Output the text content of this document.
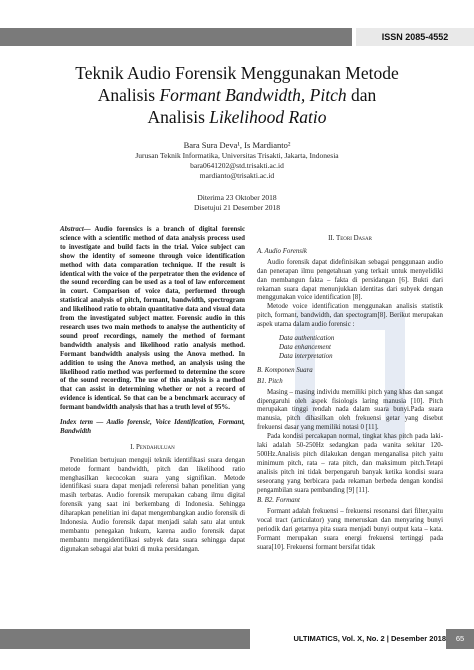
ISSN 2085-4552
Teknik Audio Forensik Menggunakan Metode
Analisis Formant Bandwidth, Pitch dan
Analisis Likelihood Ratio
Bara Sura Deva¹, Is Mardianto²
Jurusan Teknik Informatika, Universitas Trisakti, Jakarta, Indonesia
bara0641202@std.trisakti.ac.id
mardianto@trisakti.ac.id
Diterima 23 Oktober 2018
Disetujui 21 Desember 2018
Abstract— Audio forensics is a branch of digital forensic science with a scientific method of data analysis process used to investigate and build facts in the trial. Voice subject can show the identity of someone through voice identification method with data comparation technique. If the result is identical with the voice of the perpetrator then the evidence of the sound recording can be used as a tool of law enforcement in court. Comparison of voice data, performed through statistical analysis of pitch, formant, bandwidth, spectrogram and likelihood ratio to obtain quantitative data and visual data from the investigated subject matter. Forensic audio in this research uses two main methods to analyse the authenticity of sound proof recordings, namely the method of formant bandwidth analysis and likelihood ratio analysis method. Formant bandwidth analysis using the Anova method. In addition to using the Anova method, an analysis using the likelihood ratio method was performed to determine the score of the sound recording. The use of this analysis is a method that can assist in determining whether or not a record of evidence is identical. So that can be a benchmark accuracy of formant bandwidth analysis that has a truth level of 95%.
Index term — Audio forensic, Voice Identification, Formant, Bandwidth
I. Pendahuluan

Penelitian bertujuan menguji teknik identifikasi suara dengan metode formant bandwidth, pitch dan likelihood ratio menghasilkan kecocokan suara yang signifikan. Metode identifikasi suara dapat menjadi referensi bahan penelitian yang masih terbatas. Audio forensik merupakan cabang ilmu digital forensik yang saat ini berkembang di Indonesia. Sehingga diharapkan penelitian ini dapat mengembangkan audio forensik di Indonesia. Audio forensik dapat menjadi salah satu alat untuk membantu penegakan hukum, karena audio forensik dapat membantu mengidentifikasi subyek data suara sehingga dapat digunakan sebagai alat bukti di muka persidangan.

II. Teori Dasar
A. Audio Forensik

Audio forensik dapat didefinisikan sebagai penggunaan audio dan penerapan ilmu pengetahuan yang terkait untuk menyelidiki dan membangun fakta – fakta di persidangan [6]. Bukti dari rekaman suara dapat menunjukkan identitas dari subyek dengan menggunakan voice identification [8].

Metode voice identification menggunakan analisis statistik pitch, formant, bandwidth, dan spectogram[8]. Berikut merupakan aspek utama dalam audio forensic :

Data authentication
Data enhancement
Data interpretation
B. Komponen Suara
B1. Pitch

Masing – masing individu memiliki pitch yang khas dan sangat dipengaruhi oleh aspek fisiologis laring manusia [10]. Pitch merupakan tinggi rendah nada dalam suara bunyi.Pada suara manusia, pitch dihasilkan oleh frekuensi getar yang disebut frekuensi dasar yang memiliki notasi 0 [11].

Pada kondisi percakapan normal, tingkat khas pitch pada laki- laki adalah 50-250Hz sedangkan pada wanita sekitar 120-500Hz.Analisis pitch dilakukan dengan menganalisa pitch yaitu minimum pitch, rata – rata pitch, dan maksimum pitch.Tetapi analisis pitch ini tidak berpengaruh banyak ketika kondisi suara seseorang yang berbicara pada rekaman berbeda dengan kondisi pengambilan suara pembanding [9] [11].

B. B2. Formant

Formant adalah frekuensi – frekuensi resonansi dari filter,yaitu vocal tract (articulator) yang meneruskan dan menyaring bunyi periodik dari getarnya pita suara menjadi bunyi output kata – kata. Formant merupakan suara energi frekuensi tertinggi pada suara[10]. Frekuensi formant bersifat tidak

ULTIMATICS, Vol. X, No. 2 | Desember 2018	65
